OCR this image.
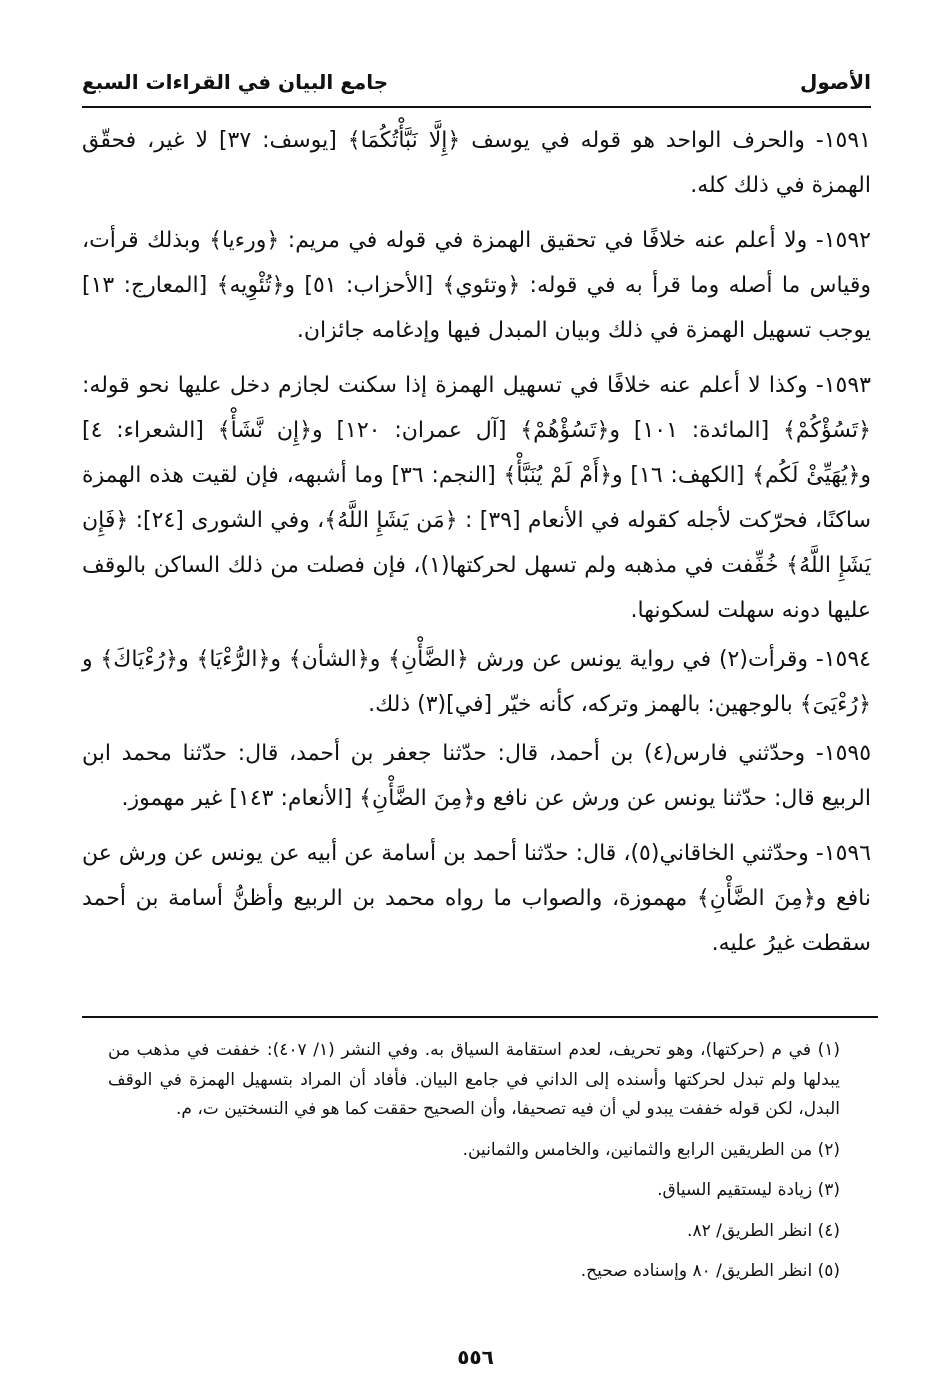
الأصول
جامع البيان في القراءات السبع

١٥٩١- والحرف الواحد هو قوله في يوسف ﴿إِلَّا نَبَّأْتُكُمَا﴾ [يوسف: ٣٧] لا غير، فحقّق الهمزة في ذلك كله.

١٥٩٢- ولا أعلم عنه خلافًا في تحقيق الهمزة في قوله في مريم: ﴿ورءيا﴾ وبذلك قرأت، وقياس ما أصله وما قرأ به في قوله: ﴿وتئوي﴾ [الأحزاب: ٥١] و﴿تُئْوِيه﴾ [المعارج: ١٣] يوجب تسهيل الهمزة في ذلك وبيان المبدل فيها وإدغامه جائزان.

١٥٩٣- وكذا لا أعلم عنه خلافًا في تسهيل الهمزة إذا سكنت لجازم دخل عليها نحو قوله: ﴿تَسُؤْكُمْ﴾ [المائدة: ١٠١] و﴿تَسُؤْهُمْ﴾ [آل عمران: ١٢٠] و﴿إِن نَّشَأْ﴾ [الشعراء: ٤] و﴿يُهَيِّئْ لَكُم﴾ [الكهف: ١٦] و﴿أَمْ لَمْ يُنَبَّأْ﴾ [النجم: ٣٦] وما أشبهه، فإن لقيت هذه الهمزة ساكنًا، فحرّكت لأجله كقوله في الأنعام [٣٩] : ﴿مَن يَشَإِ اللَّهُ﴾، وفي الشورى [٢٤]: ﴿فَإِن يَشَإِ اللَّهُ﴾ خُفِّفت في مذهبه ولم تسهل لحركتها(١)، فإن فصلت من ذلك الساكن بالوقف عليها دونه سهلت لسكونها.

١٥٩٤- وقرأت(٢) في رواية يونس عن ورش ﴿الضَّأْنِ﴾ و﴿الشأن﴾ و﴿الرُّءْيَا﴾ و﴿رُءْيَاكَ﴾ و ﴿رُءْيَىَ﴾ بالوجهين: بالهمز وتركه، كأنه خيّر [في](٣) ذلك.

١٥٩٥- وحدّثني فارس(٤) بن أحمد، قال: حدّثنا جعفر بن أحمد، قال: حدّثنا محمد ابن الربيع قال: حدّثنا يونس عن ورش عن نافع و﴿مِنَ الضَّأْنِ﴾ [الأنعام: ١٤٣] غير مهموز.

١٥٩٦- وحدّثني الخاقاني(٥)، قال: حدّثنا أحمد بن أسامة عن أبيه عن يونس عن ورش عن نافع و﴿مِنَ الضَّأْنِ﴾ مهموزة، والصواب ما رواه محمد بن الربيع وأظنُّ أسامة بن أحمد سقطت غيرُ عليه.

(١) في م (حركتها)، وهو تحريف، لعدم استقامة السياق به. وفي النشر (١/ ٤٠٧): خففت في مذهب من يبدلها ولم تبدل لحركتها وأسنده إلى الداني في جامع البيان. فأفاد أن المراد بتسهيل الهمزة في الوقف البدل، لكن قوله خففت يبدو لي أن فيه تصحيفا، وأن الصحيح حققت كما هو في النسختين ت، م.

(٢) من الطريقين الرابع والثمانين، والخامس والثمانين.

(٣) زيادة ليستقيم السياق.

(٤) انظر الطريق/ ٨٢.

(٥) انظر الطريق/ ٨٠ وإسناده صحيح.

٥٥٦
